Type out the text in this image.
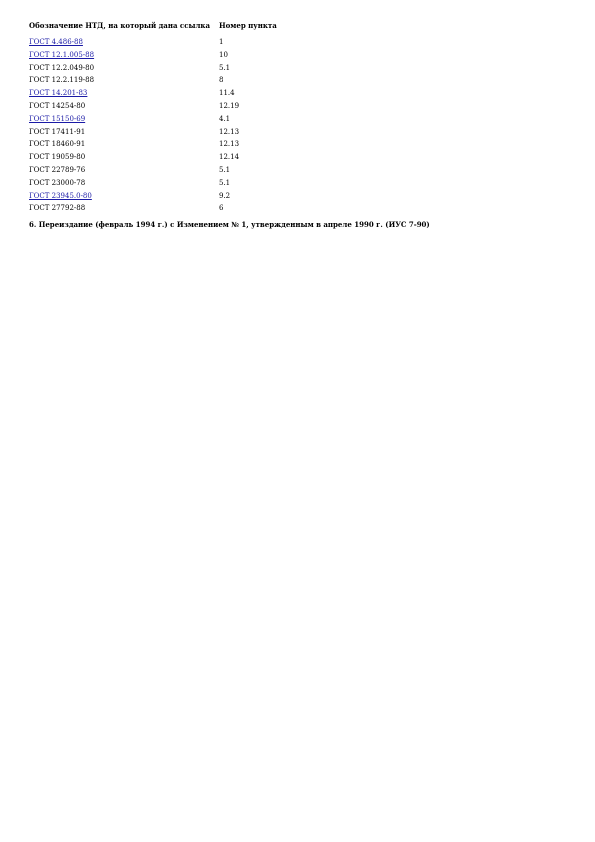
Обозначение НТД, на который дана ссылка	Номер пункта
ГОСТ 4.486-88	1
ГОСТ 12.1.005-88	10
ГОСТ 12.2.049-80	5.1
ГОСТ 12.2.119-88	8
ГОСТ 14.201-83	11.4
ГОСТ 14254-80	12.19
ГОСТ 15150-69	4.1
ГОСТ 17411-91	12.13
ГОСТ 18460-91	12.13
ГОСТ 19059-80	12.14
ГОСТ 22789-76	5.1
ГОСТ 23000-78	5.1
ГОСТ 23945.0-80	9.2
ГОСТ 27792-88	6
6. Переиздание (февраль 1994 г.) с Изменением № 1, утвержденным в апреле 1990 г. (ИУС 7-90)
